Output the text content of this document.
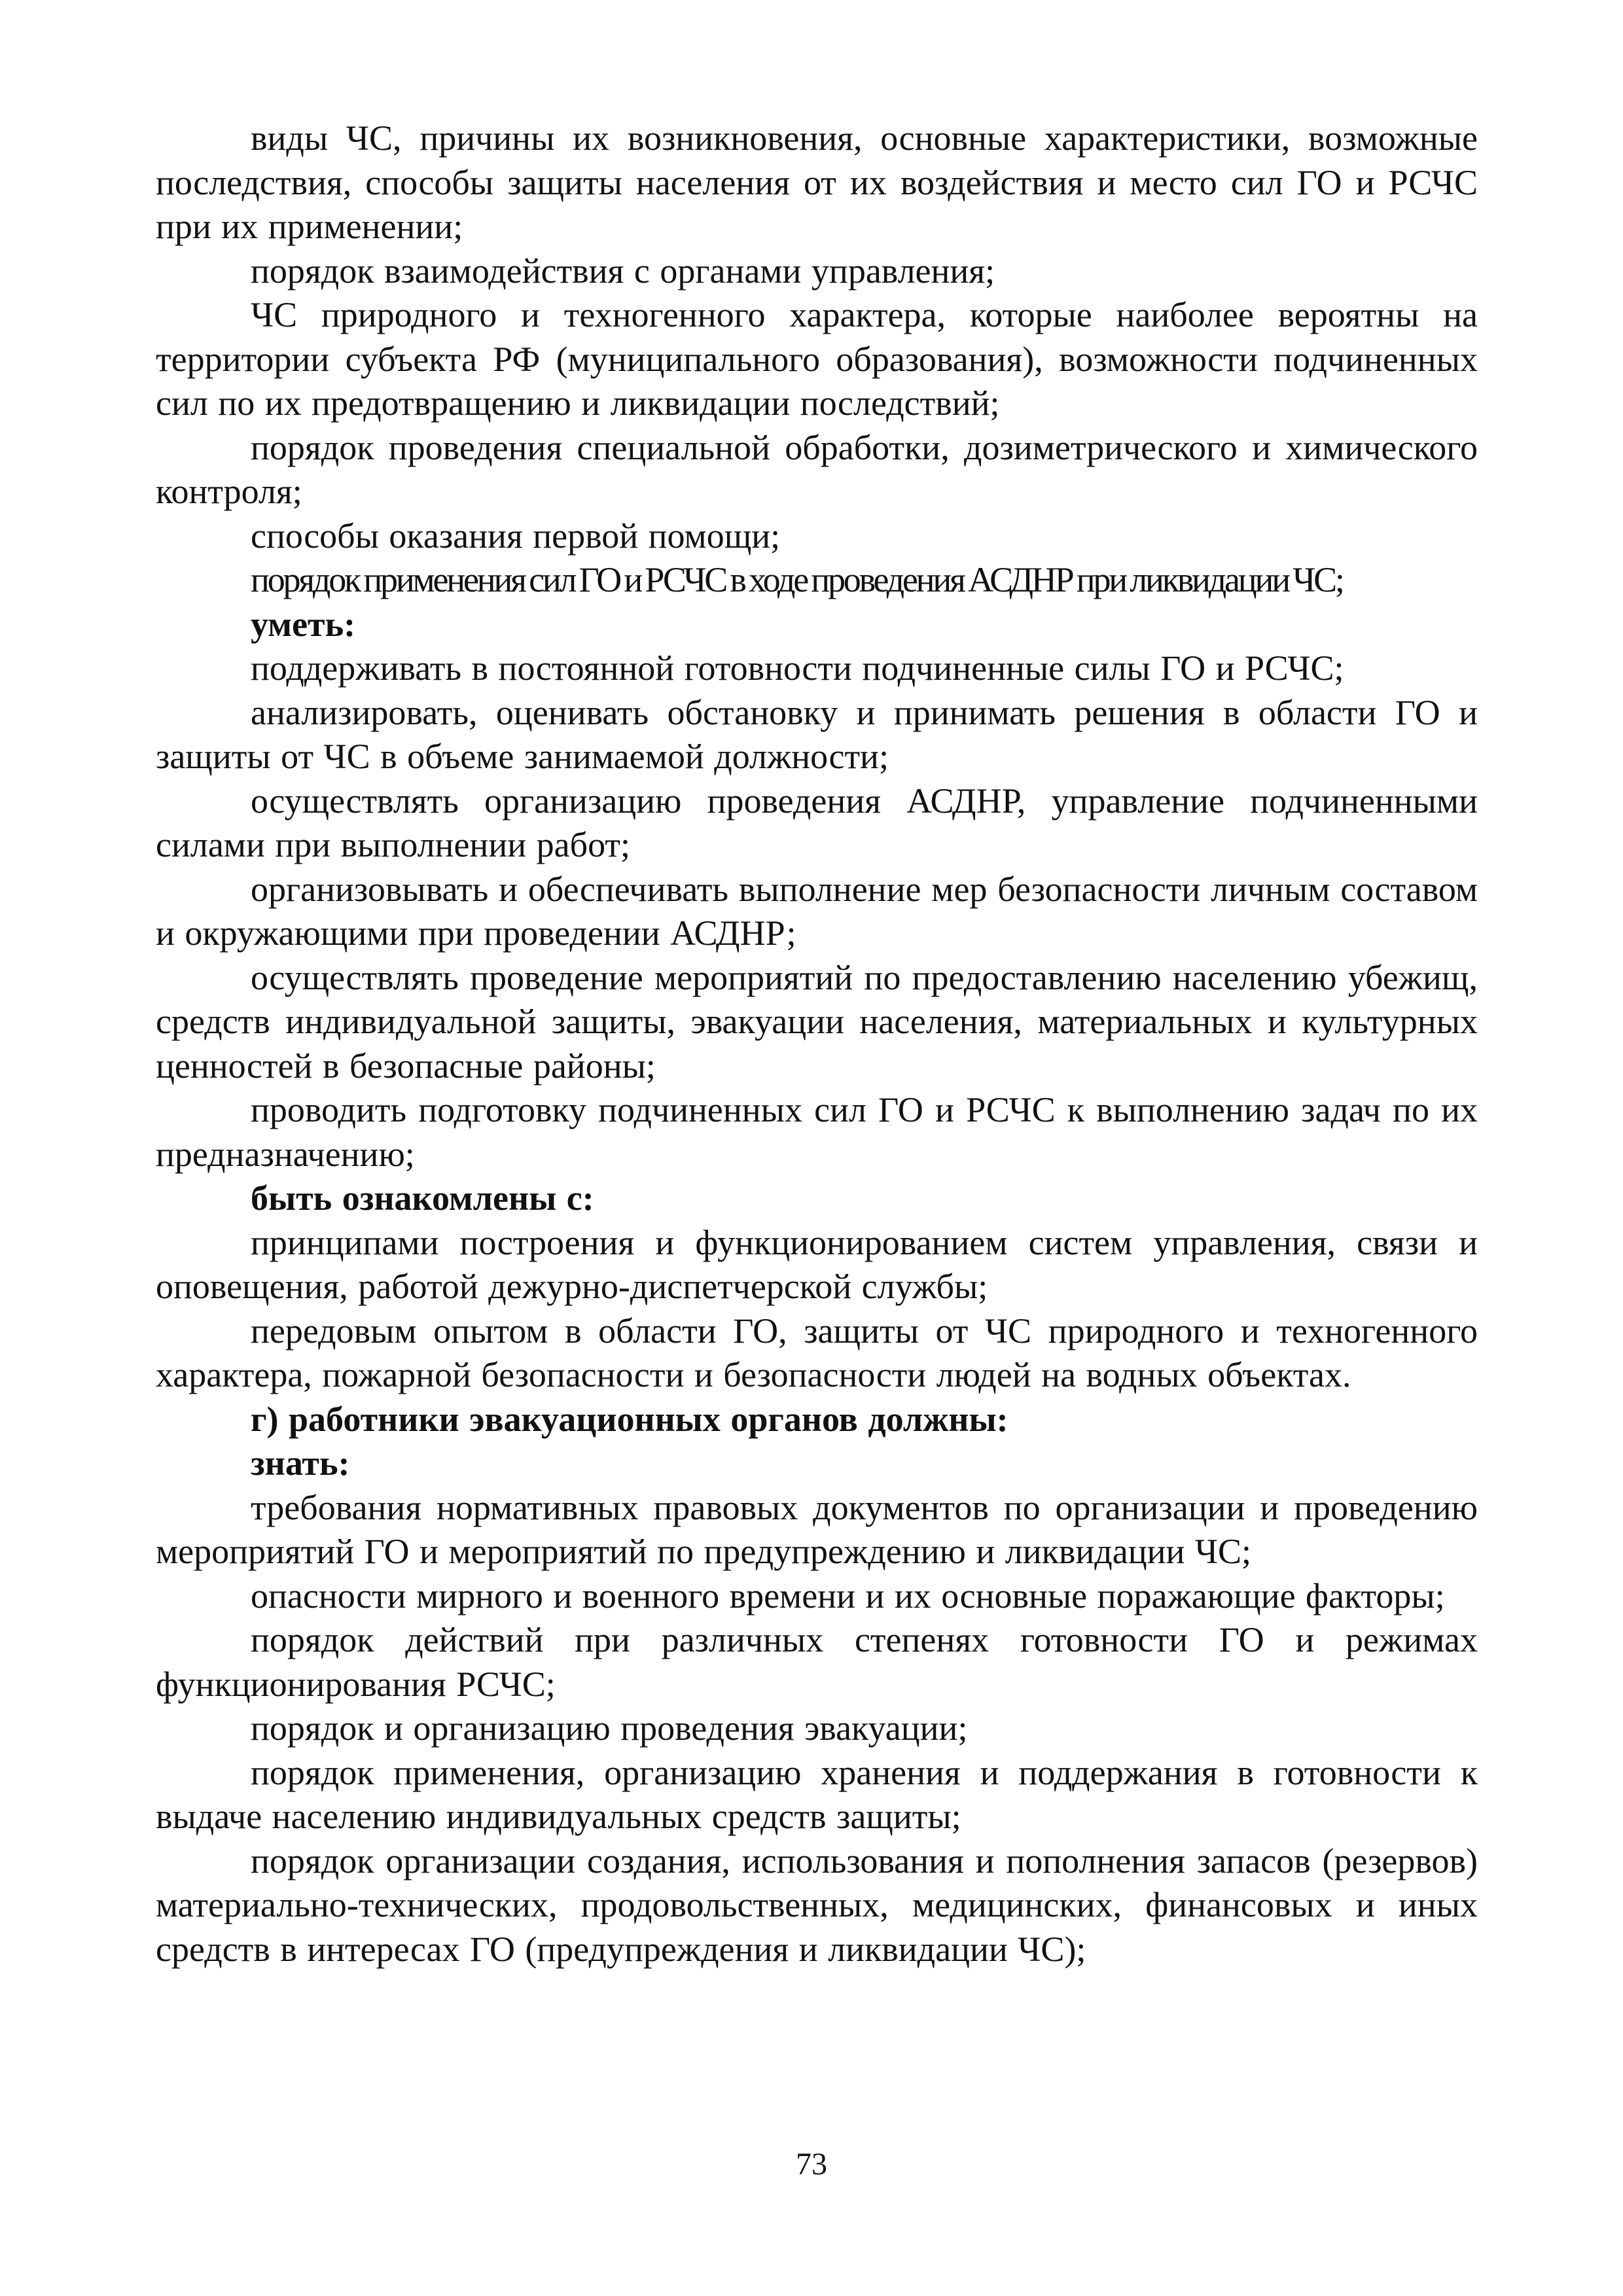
виды ЧС, причины их возникновения, основные характеристики, возможные последствия, способы защиты населения от их воздействия и место сил ГО и РСЧС при их применении;

порядок взаимодействия с органами управления;

ЧС природного и техногенного характера, которые наиболее вероятны на территории субъекта РФ (муниципального образования), возможности подчиненных сил по их предотвращению и ликвидации последствий;

порядок проведения специальной обработки, дозиметрического и химического контроля;

способы оказания первой помощи;

порядок применения сил ГО и РСЧС в ходе проведения АСДНР при ликвидации ЧС;

уметь:

поддерживать в постоянной готовности подчиненные силы ГО и РСЧС;

анализировать, оценивать обстановку и принимать решения в области ГО и защиты от ЧС в объеме занимаемой должности;

осуществлять организацию проведения АСДНР, управление подчиненными силами при выполнении работ;

организовывать и обеспечивать выполнение мер безопасности личным составом и окружающими при проведении АСДНР;

осуществлять проведение мероприятий по предоставлению населению убежищ, средств индивидуальной защиты, эвакуации населения, материальных и культурных ценностей в безопасные районы;

проводить подготовку подчиненных сил ГО и РСЧС к выполнению задач по их предназначению;

быть ознакомлены с:

принципами построения и функционированием систем управления, связи и оповещения, работой дежурно-диспетчерской службы;

передовым опытом в области ГО, защиты от ЧС природного и техногенного характера, пожарной безопасности и безопасности людей на водных объектах.

г) работники эвакуационных органов должны:

знать:

требования нормативных правовых документов по организации и проведению мероприятий ГО и мероприятий по предупреждению и ликвидации ЧС;

опасности мирного и военного времени и их основные поражающие факторы;

порядок действий при различных степенях готовности ГО и режимах функционирования РСЧС;

порядок и организацию проведения эвакуации;

порядок применения, организацию хранения и поддержания в готовности к выдаче населению индивидуальных средств защиты;

порядок организации создания, использования и пополнения запасов (резервов) материально-технических, продовольственных, медицинских, финансовых и иных средств в интересах ГО (предупреждения и ликвидации ЧС);

73
